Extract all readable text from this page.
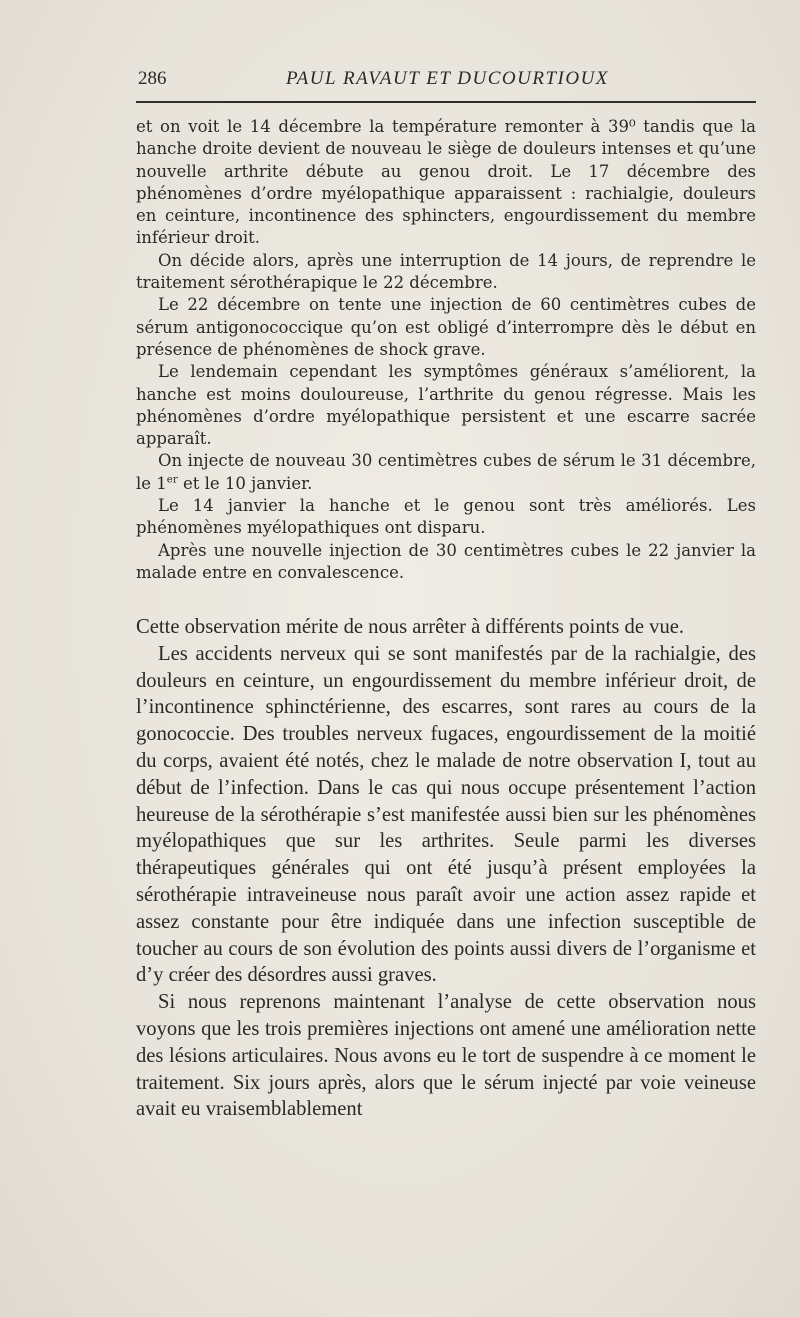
286	PAUL RAVAUT ET DUCOURTIOUX

et on voit le 14 décembre la température remonter à 39⁰ tandis que la hanche droite devient de nouveau le siège de douleurs intenses et qu’une nouvelle arthrite débute au genou droit. Le 17 décembre des phénomènes d’ordre myélopathique apparaissent : rachialgie, douleurs en ceinture, incontinence des sphincters, engourdissement du membre inférieur droit.

On décide alors, après une interruption de 14 jours, de reprendre le traitement sérothérapique le 22 décembre.

Le 22 décembre on tente une injection de 60 centimètres cubes de sérum antigonococcique qu’on est obligé d’interrompre dès le début en présence de phénomènes de shock grave.

Le lendemain cependant les symptômes généraux s’améliorent, la hanche est moins douloureuse, l’arthrite du genou régresse. Mais les phénomènes d’ordre myélopathique persistent et une escarre sacrée apparaît.

On injecte de nouveau 30 centimètres cubes de sérum le 31 décembre, le 1er et le 10 janvier.

Le 14 janvier la hanche et le genou sont très améliorés. Les phénomènes myélopathiques ont disparu.

Après une nouvelle injection de 30 centimètres cubes le 22 janvier la malade entre en convalescence.

Cette observation mérite de nous arrêter à différents points de vue.

Les accidents nerveux qui se sont manifestés par de la rachialgie, des douleurs en ceinture, un engourdissement du membre inférieur droit, de l’incontinence sphinctérienne, des escarres, sont rares au cours de la gonococcie. Des troubles nerveux fugaces, engourdissement de la moitié du corps, avaient été notés, chez le malade de notre observation I, tout au début de l’infection. Dans le cas qui nous occupe présentement l’action heureuse de la sérothérapie s’est manifestée aussi bien sur les phénomènes myélopathiques que sur les arthrites. Seule parmi les diverses thérapeutiques générales qui ont été jusqu’à présent employées la sérothérapie intraveineuse nous paraît avoir une action assez rapide et assez constante pour être indiquée dans une infection susceptible de toucher au cours de son évolution des points aussi divers de l’organisme et d’y créer des désordres aussi graves.

Si nous reprenons maintenant l’analyse de cette observation nous voyons que les trois premières injections ont amené une amélioration nette des lésions articulaires. Nous avons eu le tort de suspendre à ce moment le traitement. Six jours après, alors que le sérum injecté par voie veineuse avait eu vraisemblablement
